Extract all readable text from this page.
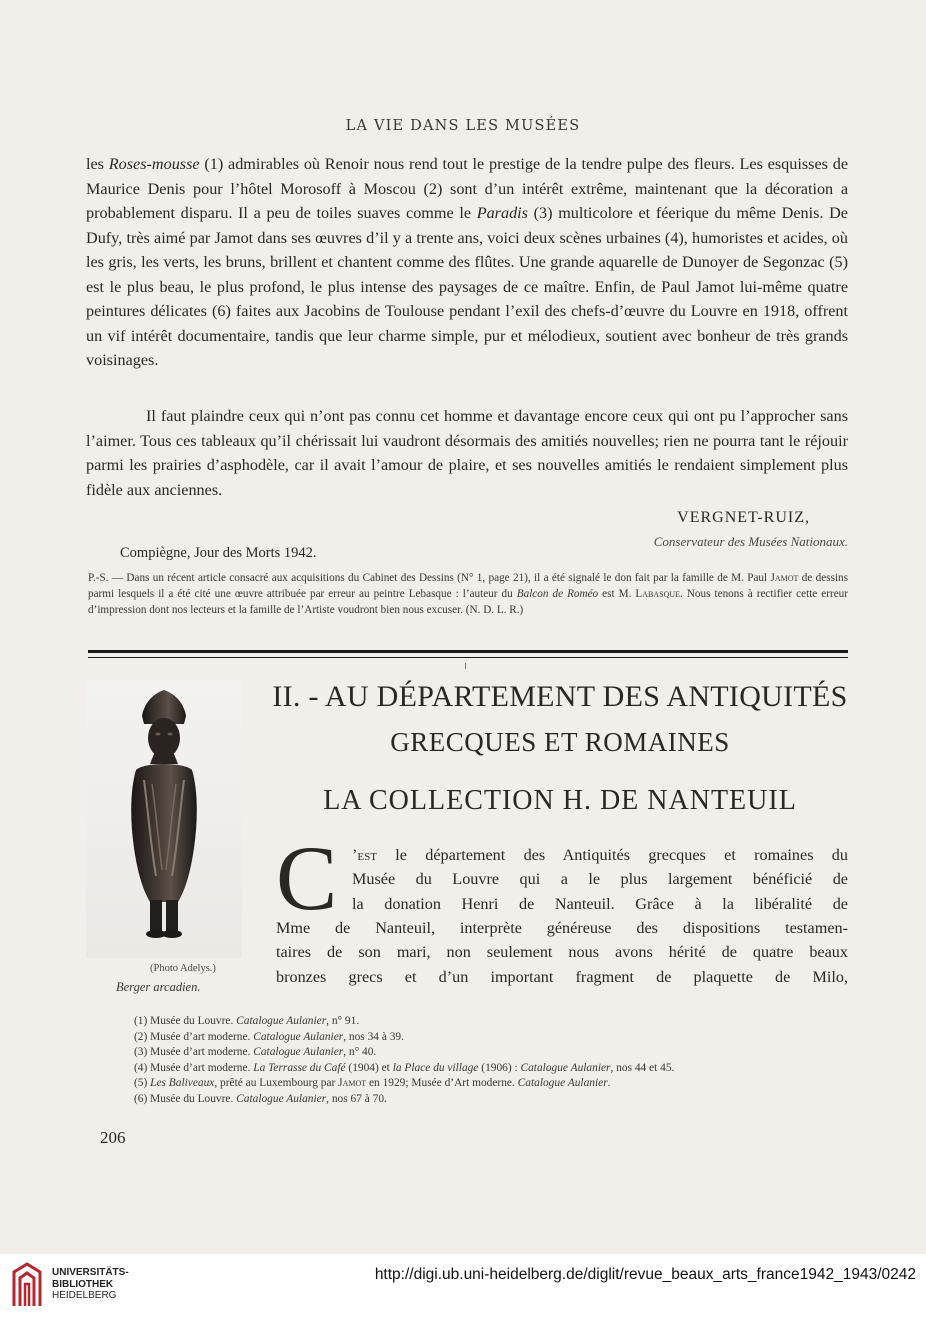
LA VIE DANS LES MUSÉES

les Roses-mousse (1) admirables où Renoir nous rend tout le prestige de la tendre pulpe des fleurs. Les esquisses de Maurice Denis pour l’hôtel Morosoff à Moscou (2) sont d’un intérêt extrême, maintenant que la décoration a probablement disparu. Il a peu de toiles suaves comme le Paradis (3) multicolore et féerique du même Denis. De Dufy, très aimé par Jamot dans ses œuvres d’il y a trente ans, voici deux scènes urbaines (4), humoristes et acides, où les gris, les verts, les bruns, brillent et chantent comme des flûtes. Une grande aquarelle de Dunoyer de Segonzac (5) est le plus beau, le plus profond, le plus intense des paysages de ce maître. Enfin, de Paul Jamot lui-même quatre peintures délicates (6) faites aux Jacobins de Toulouse pendant l’exil des chefs-d’œuvre du Louvre en 1918, offrent un vif intérêt documentaire, tandis que leur charme simple, pur et mélodieux, soutient avec bonheur de très grands voisinages.

Il faut plaindre ceux qui n’ont pas connu cet homme et davantage encore ceux qui ont pu l’approcher sans l’aimer. Tous ces tableaux qu’il chérissait lui vaudront désormais des amitiés nouvelles; rien ne pourra tant le réjouir parmi les prairies d’asphodèle, car il avait l’amour de plaire, et ses nouvelles amitiés le rendaient simplement plus fidèle aux anciennes.

VERGNET-RUIZ,
Conservateur des Musées Nationaux.
Compiègne, Jour des Morts 1942.
P.-S. — Dans un récent article consacré aux acquisitions du Cabinet des Dessins (N° 1, page 21), il a été signalé le don fait par la famille de M. Paul Jamot de dessins parmi lesquels il a été cité une œuvre attribuée par erreur au peintre Lebasque : l’auteur du Balcon de Roméo est M. Labasque. Nous tenons à rectifier cette erreur d’impression dont nos lecteurs et la famille de l’Artiste voudront bien nous excuser. (N. D. L. R.)
(Photo Adelys.)
Berger arcadien.
II. - AU DÉPARTEMENT DES ANTIQUITÉS
GRECQUES ET ROMAINES
LA COLLECTION H. DE NANTEUIL
C ’est le département des Antiquités grecques et romaines du
Musée du Louvre qui a le plus largement bénéficié de
la donation Henri de Nanteuil. Grâce à la libéralité de
Mme de Nanteuil, interprète généreuse des dispositions testamen-
taires de son mari, non seulement nous avons hérité de quatre beaux
bronzes grecs et d’un important fragment de plaquette de Milo,
(1) Musée du Louvre. Catalogue Aulanier, n° 91.
(2) Musée d’art moderne. Catalogue Aulanier, nos 34 à 39.
(3) Musée d’art moderne. Catalogue Aulanier, n° 40.
(4) Musée d’art moderne. La Terrasse du Café (1904) et la Place du village (1906) : Catalogue Aulanier, nos 44 et 45.
(5) Les Baliveaux, prêté au Luxembourg par Jamot en 1929; Musée d’Art moderne. Catalogue Aulanier.
(6) Musée du Louvre. Catalogue Aulanier, nos 67 à 70.
206
UNIVERSITÄTS-
BIBLIOTHEK
HEIDELBERG
http://digi.ub.uni-heidelberg.de/diglit/revue_beaux_arts_france1942_1943/0242
